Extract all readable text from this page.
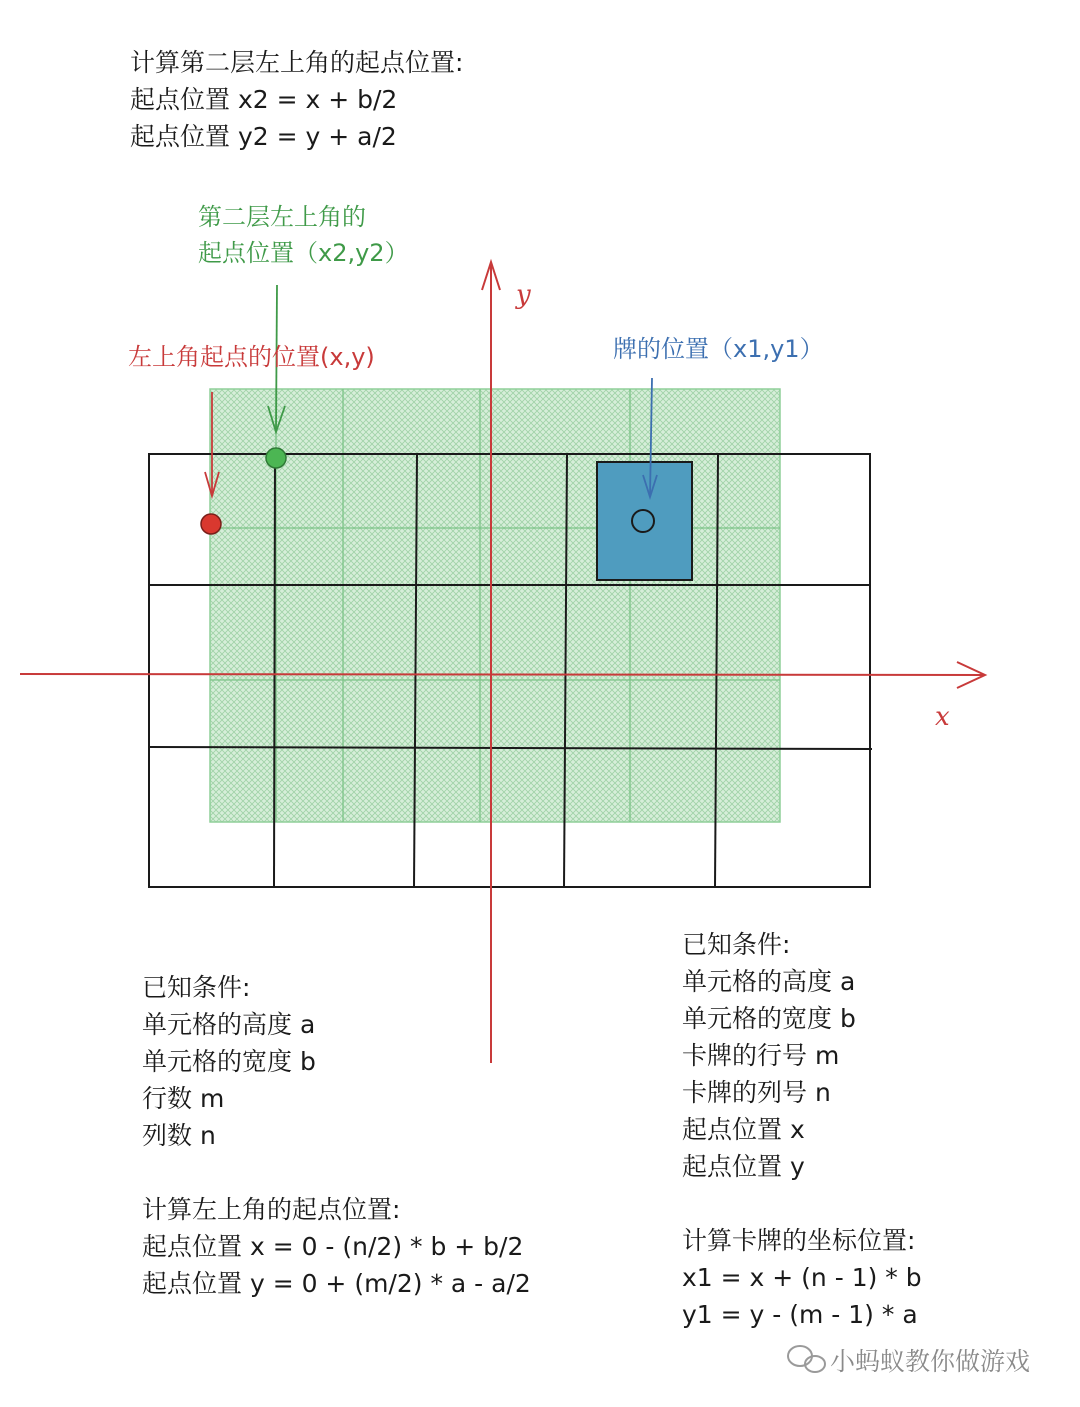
计算第二层左上角的起点位置:
起点位置 x2 = x + b/2
起点位置 y2 = y + a/2
第二层左上角的
起点位置（x2,y2）
左上角起点的位置(x,y)	牌的位置（x1,y1）
y
x
已知条件:
单元格的高度 a
单元格的宽度 b
行数 m
列数 n
计算左上角的起点位置:
起点位置 x = 0 - (n/2) * b + b/2
起点位置 y = 0 + (m/2) * a - a/2
已知条件:
单元格的高度 a
单元格的宽度 b
卡牌的行号 m
卡牌的列号 n
起点位置 x
起点位置 y
计算卡牌的坐标位置:
x1 = x + (n - 1) * b
y1 = y - (m - 1) * a
小蚂蚁教你做游戏
